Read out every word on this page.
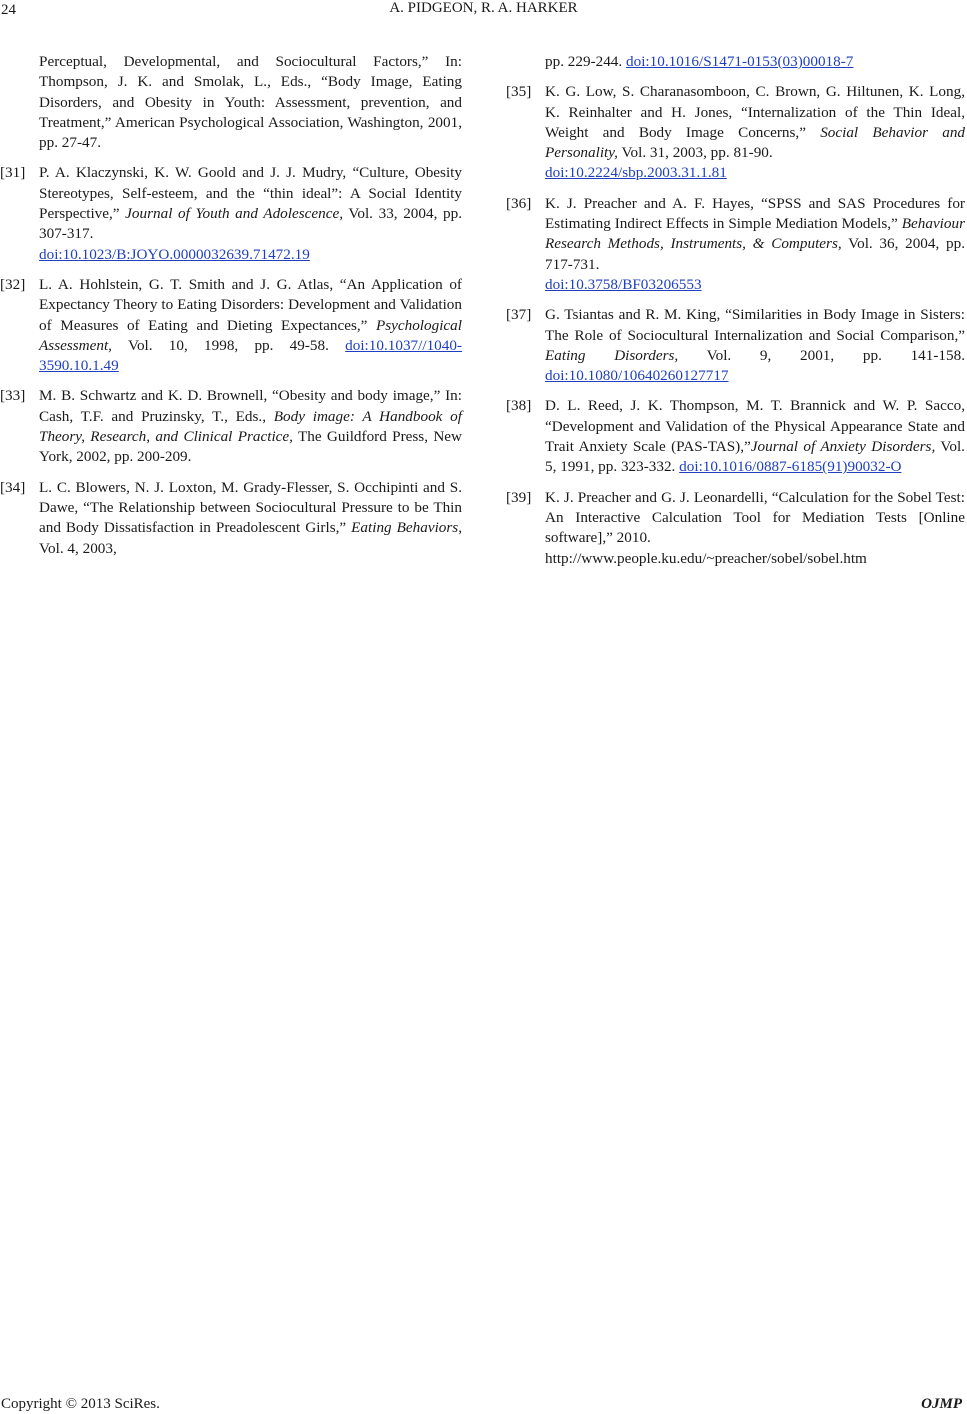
24	A. PIDGEON, R. A. HARKER
Perceptual, Developmental, and Sociocultural Factors,” In: Thompson, J. K. and Smolak, L., Eds., “Body Image, Eating Disorders, and Obesity in Youth: Assessment, prevention, and Treatment,” American Psychological Association, Washington, 2001, pp. 27-47.
[31] P. A. Klaczynski, K. W. Goold and J. J. Mudry, “Culture, Obesity Stereotypes, Self-esteem, and the “thin ideal”: A Social Identity Perspective,” Journal of Youth and Adolescence, Vol. 33, 2004, pp. 307-317.
doi:10.1023/B:JOYO.0000032639.71472.19
[32] L. A. Hohlstein, G. T. Smith and J. G. Atlas, “An Application of Expectancy Theory to Eating Disorders: Development and Validation of Measures of Eating and Dieting Expectances,” Psychological Assessment, Vol. 10, 1998, pp. 49-58. doi:10.1037//1040-3590.10.1.49
[33] M. B. Schwartz and K. D. Brownell, “Obesity and body image,” In: Cash, T.F. and Pruzinsky, T., Eds., Body image: A Handbook of Theory, Research, and Clinical Practice, The Guildford Press, New York, 2002, pp. 200-209.
[34] L. C. Blowers, N. J. Loxton, M. Grady-Flesser, S. Occhipinti and S. Dawe, “The Relationship between Sociocultural Pressure to be Thin and Body Dissatisfaction in Preadolescent Girls,” Eating Behaviors, Vol. 4, 2003,
pp. 229-244. doi:10.1016/S1471-0153(03)00018-7
[35] K. G. Low, S. Charanasomboon, C. Brown, G. Hiltunen, K. Long, K. Reinhalter and H. Jones, “Internalization of the Thin Ideal, Weight and Body Image Concerns,” Social Behavior and Personality, Vol. 31, 2003, pp. 81-90.
doi:10.2224/sbp.2003.31.1.81
[36] K. J. Preacher and A. F. Hayes, “SPSS and SAS Procedures for Estimating Indirect Effects in Simple Mediation Models,” Behaviour Research Methods, Instruments, & Computers, Vol. 36, 2004, pp. 717-731.
doi:10.3758/BF03206553
[37] G. Tsiantas and R. M. King, “Similarities in Body Image in Sisters: The Role of Sociocultural Internalization and Social Comparison,” Eating Disorders, Vol. 9, 2001, pp. 141-158. doi:10.1080/10640260127717
[38] D. L. Reed, J. K. Thompson, M. T. Brannick and W. P. Sacco, “Development and Validation of the Physical Appearance State and Trait Anxiety Scale (PAS-TAS),”Journal of Anxiety Disorders, Vol. 5, 1991, pp. 323-332. doi:10.1016/0887-6185(91)90032-O
[39] K. J. Preacher and G. J. Leonardelli, “Calculation for the Sobel Test: An Interactive Calculation Tool for Mediation Tests [Online software],” 2010.
http://www.people.ku.edu/~preacher/sobel/sobel.htm
Copyright © 2013 SciRes.	OJMP
